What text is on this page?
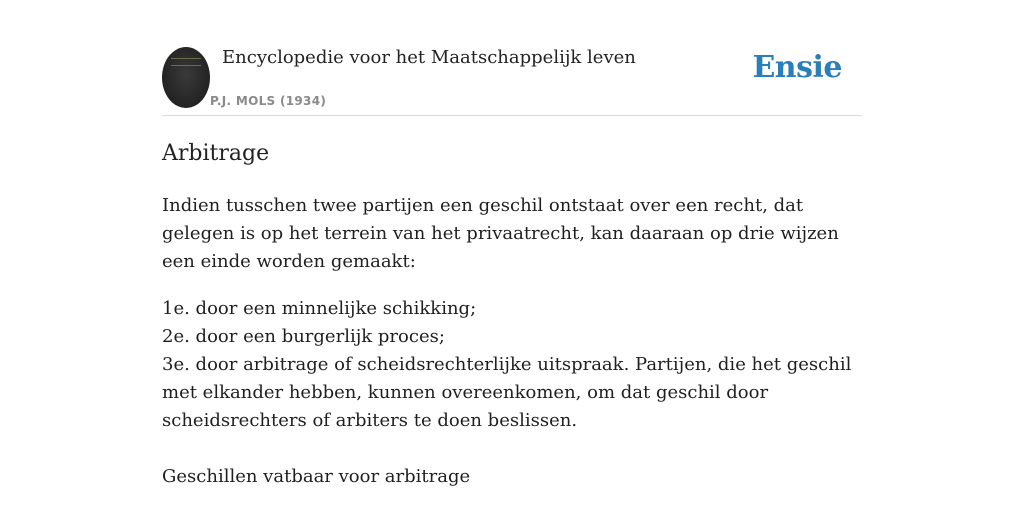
Encyclopedie voor het Maatschappelijk leven
P.J. MOLS (1934)
Ensie
Arbitrage

Indien tusschen twee partijen een geschil ontstaat over een recht, dat gelegen is op het terrein van het privaatrecht, kan daaraan op drie wijzen een einde worden gemaakt:

1e. door een minnelijke schikking;

2e. door een burgerlijk proces;

3e. door arbitrage of scheidsrechterlijke uitspraak. Partijen, die het geschil met elkander hebben, kunnen overeenkomen, om dat geschil door scheidsrechters of arbiters te doen beslissen.

Geschillen vatbaar voor arbitrage
